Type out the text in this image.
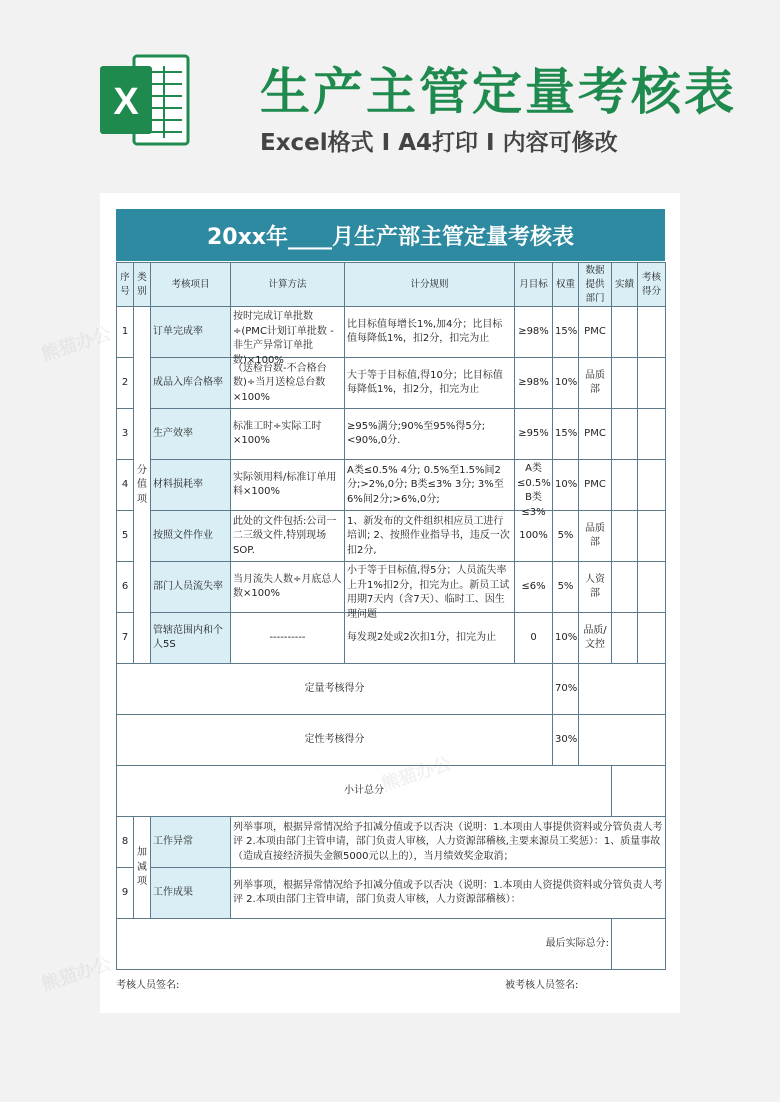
X 生产主管定量考核表
Excel格式 I A4打印 I 内容可修改
熊猫办公
熊猫办公
20xx年____月生产部主管定量考核表
序号	类别	考核项目	计算方法	计分规则	月目标	权重	数据提供部门	实績	考核得分
1	分值项	订单完成率	按时完成订单批数÷(PMC计划订单批数 - 非生产异常订单批数)×100%	比目标值每增长1%,加4分；比目标值每降低1%，扣2分，扣完为止	≥98%	15%	PMC		
2		成品入库合格率	（送检台数-不合格台数)÷当月送检总台数×100%	大于等于目标值,得10分；比目标值每降低1%，扣2分，扣完为止	≥98%	10%	品质部		
3		生产效率	标准工时÷实际工时×100%	≥95%满分;90%至95%得5分;<90%,0分.	≥95%	15%	PMC		
4		材料损耗率	实际领用料/标准订单用料×100%	A类≤0.5% 4分; 0.5%至1.5%间2分;>2%,0分; B类≤3% 3分; 3%至6%间2分;>6%,0分;	A类≤0.5% B类≤3%	10%	PMC		
5		按照文件作业	此处的文件包括:公司一二三级文件,特别现场SOP.	1、新发布的文件组织相应员工进行培训; 2、按照作业指导书，违反一次扣2分,	100%	5%	品质部		
6		部门人员流失率	当月流失人数÷月底总人数×100%	小于等于目标值,得5分；人员流失率上升1%扣2分，扣完为止。新员工试用期7天内（含7天）、临时工、因生理问题	≤6%	5%	人资部		
7		管辖范围内和个人5S	----------	每发现2处或2次扣1分，扣完为止	0	10%	品质/文控		
定量考核得分						70%			
定性考核得分						30%			
小计总分									
8	加减项	工作异常	列举事项，根据异常情况给予扣减分值或予以否决（说明：1.本项由人事提供资料或分管负责人考评 2.本项由部门主管申请，部门负责人审核，人力资源部稽核,主要来源员工奖惩）：1、质量事故（造成直接经济损失金额5000元以上的），当月绩效奖金取消；						

9		工作成果	列举事项，根据异常情况给予扣减分值或予以否决（说明：1.本项由人资提供资料或分管负责人考评 2.本项由部门主管申请，部门负责人审核，人力资源部稽核）：						

最后实际总分:									
考核人员签名:	被考核人员签名:
